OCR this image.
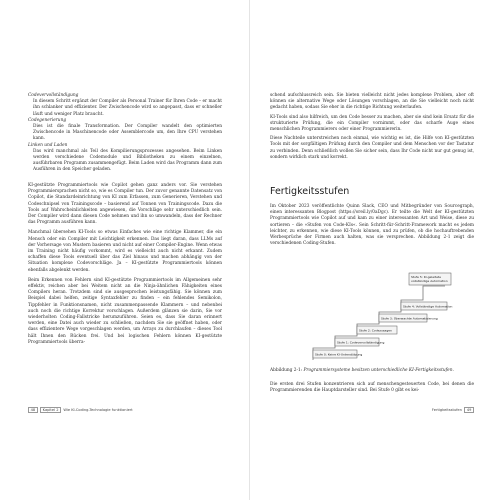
Codevervollständigung
In diesem Schritt ergänzt der Compiler als Personal Trainer für Ihren Code – er macht ihn schlanker und effizienter. Der Zwischencode wird so angepasst, dass er schneller läuft und weniger Platz braucht.
Codegenerierung
Dies ist die finale Transformation. Der Compiler wandelt den optimierten Zwischencode in Maschinencode oder Assemblercode um, den Ihre CPU verstehen kann.
Linken und Laden
Das wird manchmal als Teil des Kompilierungsprozesses angesehen. Beim Linken werden verschiedene Codemodule und Bibliotheken zu einem einzelnen, ausführbaren Programm zusammengefügt. Beim Laden wird das Programm dann zum Ausführen in den Speicher geladen.

KI-gestützte Programmiertools wie Copilot gehen ganz anders vor. Sie verstehen Programmiersprachen nicht so, wie es Compiler tun. Der zuvor genannte Datensatz von Copilot, die Standardeinrichtung von KI zum Erfassen, zum Generieren, Verstehen und Codeschnipsel von Trainingscode – basierend auf Tonnen von Trainingscode. Dazu die Tools auf Wahrscheinlichkeiten angewiesen, die Vorschläge sehr unterschiedlich sein. Der Compiler wird dann diesen Code nehmen und ihn so umwandeln, dass der Rechner das Programm ausführen kann.

Manchmal übersehen KI-Tools so etwas Einfaches wie eine richtige Klammer, die ein Mensch oder ein Compiler mit Leichtigkeit erkennen. Das liegt daran, dass LLMs auf der Vorhersage von Mustern basieren und nicht auf einer Compiler-Engine. Wenn etwas im Training nicht häufig vorkommt, wird es vielleicht auch nicht erkannt. Zudem schaffen diese Tools eventuell über das Ziel hinaus und machen abhängig von der Situation komplexe Codevorschläge. Ja – KI-gestützte Programmiertools können ebenfalls abgelenkt werden.

Beim Erkennen von Fehlern sind KI-gestützte Programmiertools im Allgemeinen sehr effektiv, reichen aber bei Weitem nicht an die Ninja-ähnlichen Fähigkeiten eines Compilers heran. Trotzdem sind sie ausgesprochen leistungsfähig. Sie können zum Beispiel dabei helfen, zeitige Syntaxfehler zu finden – ein fehlendes Semikolon, Tippfehler in Funktionsnamen, nicht zusammenpassende Klammern – und nebenbei auch noch die richtige Korrektur vorschlagen. Außerdem glänzen sie darin, Sie vor wiederholten Coding-Fallstricke herumzuführen. Seien es, dass Sie daran erinnert werden, eine Datei auch wieder zu schließen, nachdem Sie sie geöffnet haben, oder dass effizientere Wege vorgeschlagen werden, um Arrays zu durchlaufen – dieses Tool hält Ihnen den Rücken frei. Und bei logischen Fehlern können KI-gestützte Programmiertools überra-

48 Kapitel 2 Wie KI-Coding-Technologie funktioniert

schend aufschlussreich sein. Sie bieten vielleicht nicht jedes komplexe Problem, aber oft können sie alternative Wege oder Lösungen vorschlagen, an die Sie vielleicht noch nicht gedacht haben, sodass Sie eher in die richtige Richtung weiterlaufen.

KI-Tools sind also hilfreich, um den Code besser zu machen, aber sie sind kein Ersatz für die strukturierte Prüfung, die ein Compiler vornimmt, oder das scharfe Auge eines menschlichen Programmierers oder einer Programmiererin.

Diese Nachteile unterstreichen noch einmal, wie wichtig es ist, die Hilfe von KI-gestützten Tools mit der sorgfältigen Prüfung durch den Compiler und dem Menschen vor der Tastatur zu verbinden. Denn schließlich wollen Sie sicher sein, dass Ihr Code nicht nur gut genug ist, sondern wirklich stark und korrekt.

Fertigkeitsstufen

Im Oktober 2023 veröffentlichte Quinn Slack, CEO und Mitbegründer von Sourcegraph, einen interessanten Blogpost (https://oreil.ly/0aDgc). Er teilte die Welt der KI-gestützten Programmiertools wie Copilot auf und kam zu einer interessanten Art und Weise, diese zu sortieren – die »Stufen von Code-KIs«. Sein Schritt-für-Schritt-Framework macht es jedem leichter, zu erkennen, wie diese KI-Tools können, und zu prüfen, ob die hochauftrebenden Werbesprüche der Firmen auch halten, was sie versprechen. Abbildung 2-1 zeigt die verschiedenen Coding-Stufen.

Stufe 0: Keine KI-Unterstützung
Stufe 1: Codevervollständigung
Stufe 2: Codezusagen
Stufe 3: Überwachte Automatisierung
Stufe 4: Vollständige Automation
Stufe 5: KI-geleitete vollständige Automation
Abbildung 2-1: Programmiersysteme besitzen unterschiedliche KI-Fertigkeitsstufen.

Die ersten drei Stufen konzentrieren sich auf menschengesteuerten Code, bei denen die Programmierenden die Hauptdarsteller sind. Bei Stufe 0 gibt es kei-

Fertigkeitsstufen 49
